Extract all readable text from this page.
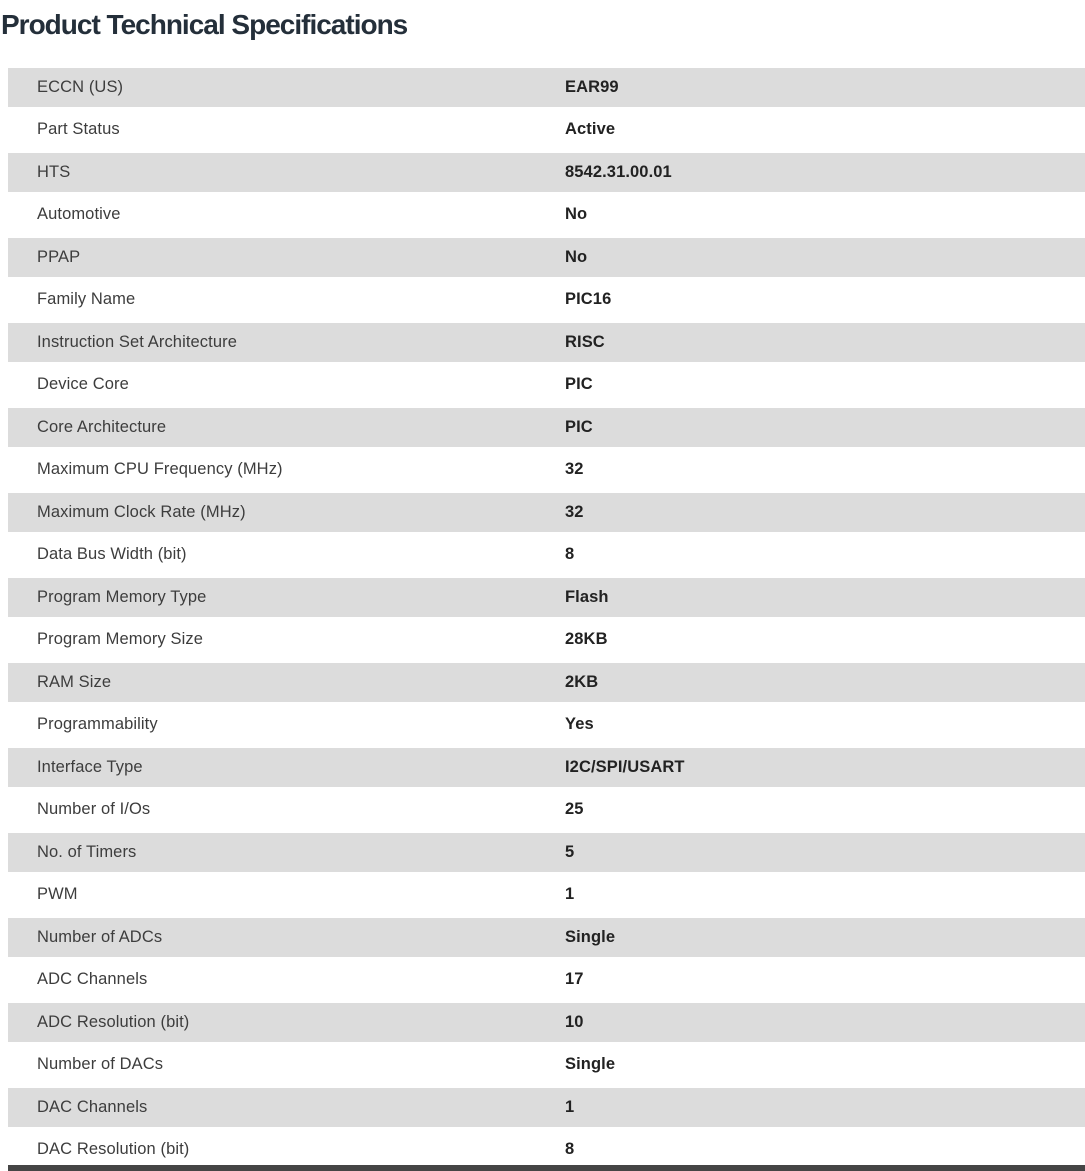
Product Technical Specifications
ECCN (US)	EAR99
Part Status	Active
HTS	8542.31.00.01
Automotive	No
PPAP	No
Family Name	PIC16
Instruction Set Architecture	RISC
Device Core	PIC
Core Architecture	PIC
Maximum CPU Frequency (MHz)	32
Maximum Clock Rate (MHz)	32
Data Bus Width (bit)	8
Program Memory Type	Flash
Program Memory Size	28KB
RAM Size	2KB
Programmability	Yes
Interface Type	I2C/SPI/USART
Number of I/Os	25
No. of Timers	5
PWM	1
Number of ADCs	Single
ADC Channels	17
ADC Resolution (bit)	10
Number of DACs	Single
DAC Channels	1
DAC Resolution (bit)	8
